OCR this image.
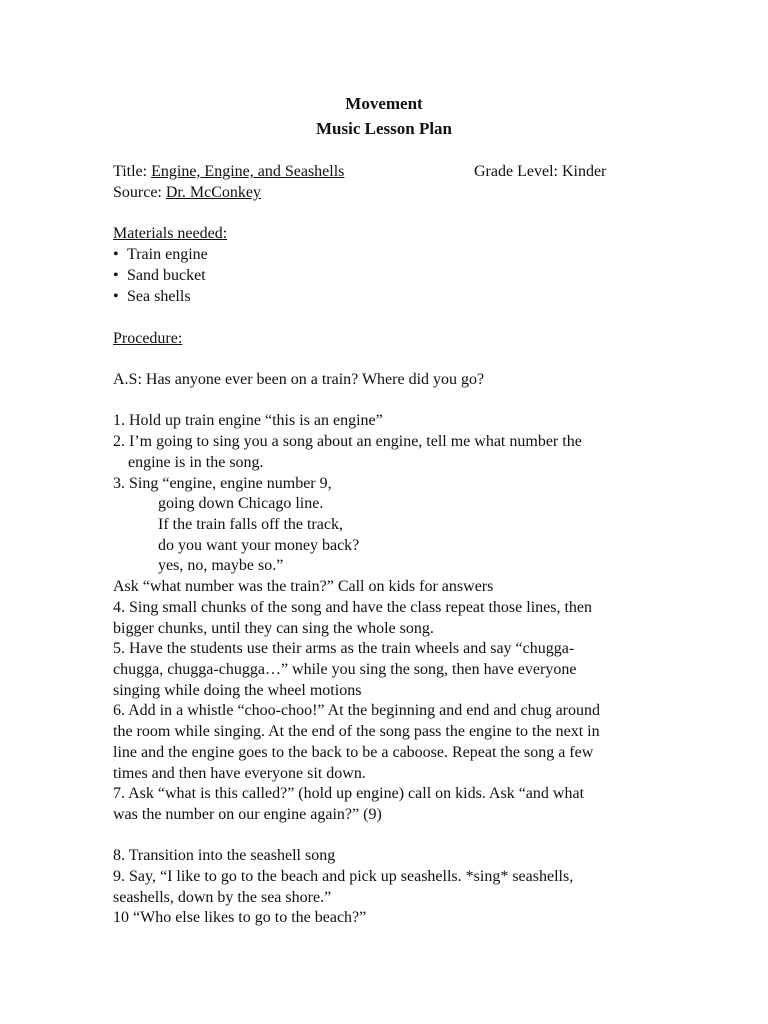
Movement
Music Lesson Plan
Title: Engine, Engine, and Seashells	Grade Level: Kinder
Source: Dr. McConkey
Materials needed:
• Train engine
• Sand bucket
• Sea shells
Procedure:
A.S: Has anyone ever been on a train? Where did you go?
1. Hold up train engine “this is an engine”
2. I’m going to sing you a song about an engine, tell me what number the
engine is in the song.
3. Sing “engine, engine number 9,
going down Chicago line.
If the train falls off the track,
do you want your money back?
yes, no, maybe so.”
Ask “what number was the train?” Call on kids for answers
4. Sing small chunks of the song and have the class repeat those lines, then
bigger chunks, until they can sing the whole song.
5. Have the students use their arms as the train wheels and say “chugga-
chugga, chugga-chugga…” while you sing the song, then have everyone
singing while doing the wheel motions
6. Add in a whistle “choo-choo!” At the beginning and end and chug around
the room while singing. At the end of the song pass the engine to the next in
line and the engine goes to the back to be a caboose. Repeat the song a few
times and then have everyone sit down.
7. Ask “what is this called?” (hold up engine) call on kids. Ask “and what
was the number on our engine again?” (9)
8. Transition into the seashell song
9. Say, “I like to go to the beach and pick up seashells. *sing* seashells,
seashells, down by the sea shore.”
10 “Who else likes to go to the beach?”
